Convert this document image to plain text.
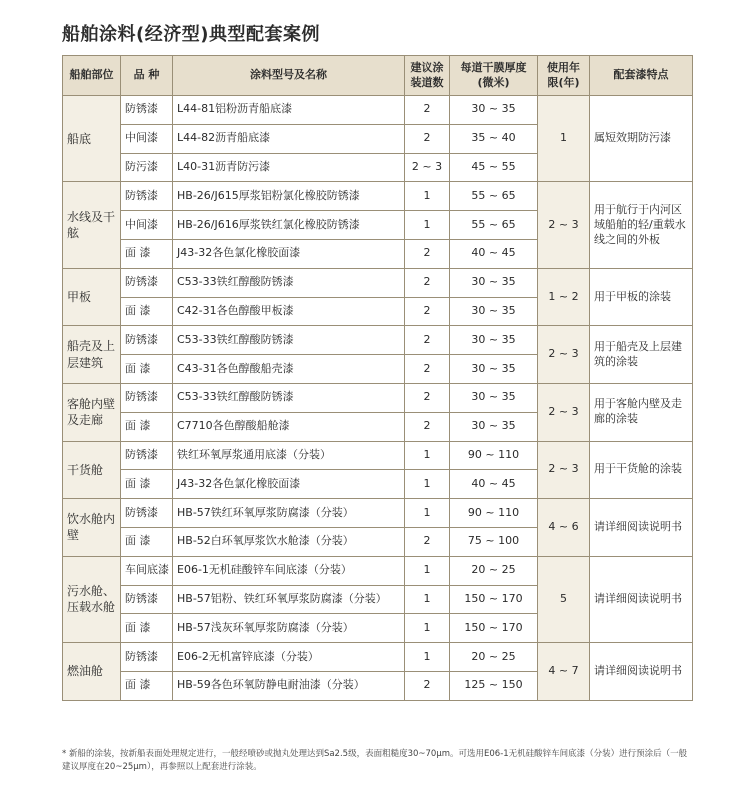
船舶涂料(经济型)典型配套案例
船舶部位	品 种	涂料型号及名称	建议涂装道数	每道干膜厚度(微米)	使用年限(年)	配套漆特点
船底	防锈漆	L44-81铝粉沥青船底漆	2	30 ~ 35	1	属短效期防污漆
	中间漆	L44-82沥青船底漆	2	35 ~ 40		
	防污漆	L40-31沥青防污漆	2 ~ 3	45 ~ 55		
水线及干舷	防锈漆	HB-26/J615厚浆铝粉氯化橡胶防锈漆	1	55 ~ 65	2 ~ 3	用于航行于内河区域船舶的轻/重载水线之间的外板
	中间漆	HB-26/J616厚浆铁红氯化橡胶防锈漆	1	55 ~ 65		
	面 漆	J43-32各色氯化橡胶面漆	2	40 ~ 45		
甲板	防锈漆	C53-33铁红醇酸防锈漆	2	30 ~ 35	1 ~ 2	用于甲板的涂装
	面 漆	C42-31各色醇酸甲板漆	2	30 ~ 35		
船壳及上层建筑	防锈漆	C53-33铁红醇酸防锈漆	2	30 ~ 35	2 ~ 3	用于船壳及上层建筑的涂装
	面 漆	C43-31各色醇酸船壳漆	2	30 ~ 35		
客舱内壁及走廊	防锈漆	C53-33铁红醇酸防锈漆	2	30 ~ 35	2 ~ 3	用于客舱内壁及走廊的涂装
	面 漆	C7710各色醇酸船舱漆	2	30 ~ 35		
干货舱	防锈漆	铁红环氧厚浆通用底漆（分装）	1	90 ~ 110	2 ~ 3	用于干货舱的涂装
	面 漆	J43-32各色氯化橡胶面漆	1	40 ~ 45		
饮水舱内壁	防锈漆	HB-57铁红环氧厚浆防腐漆（分装）	1	90 ~ 110	4 ~ 6	请详细阅读说明书
	面 漆	HB-52白环氧厚浆饮水舱漆（分装）	2	75 ~ 100		
污水舱、压载水舱	车间底漆	E06-1无机硅酸锌车间底漆（分装）	1	20 ~ 25	5	请详细阅读说明书
	防锈漆	HB-57铝粉、铁红环氧厚浆防腐漆（分装）	1	150 ~ 170		
	面 漆	HB-57浅灰环氧厚浆防腐漆（分装）	1	150 ~ 170		
燃油舱	防锈漆	E06-2无机富锌底漆（分装）	1	20 ~ 25	4 ~ 7	请详细阅读说明书
	面 漆	HB-59各色环氧防静电耐油漆（分装）	2	125 ~ 150		
* 新船的涂装，按新船表面处理规定进行，一般经喷砂或抛丸处理达到Sa2.5级，表面粗糙度30~70μm。可选用E06-1无机硅酸锌车间底漆（分装）进行预涂后（一般建议厚度在20~25μm），再参照以上配套进行涂装。
